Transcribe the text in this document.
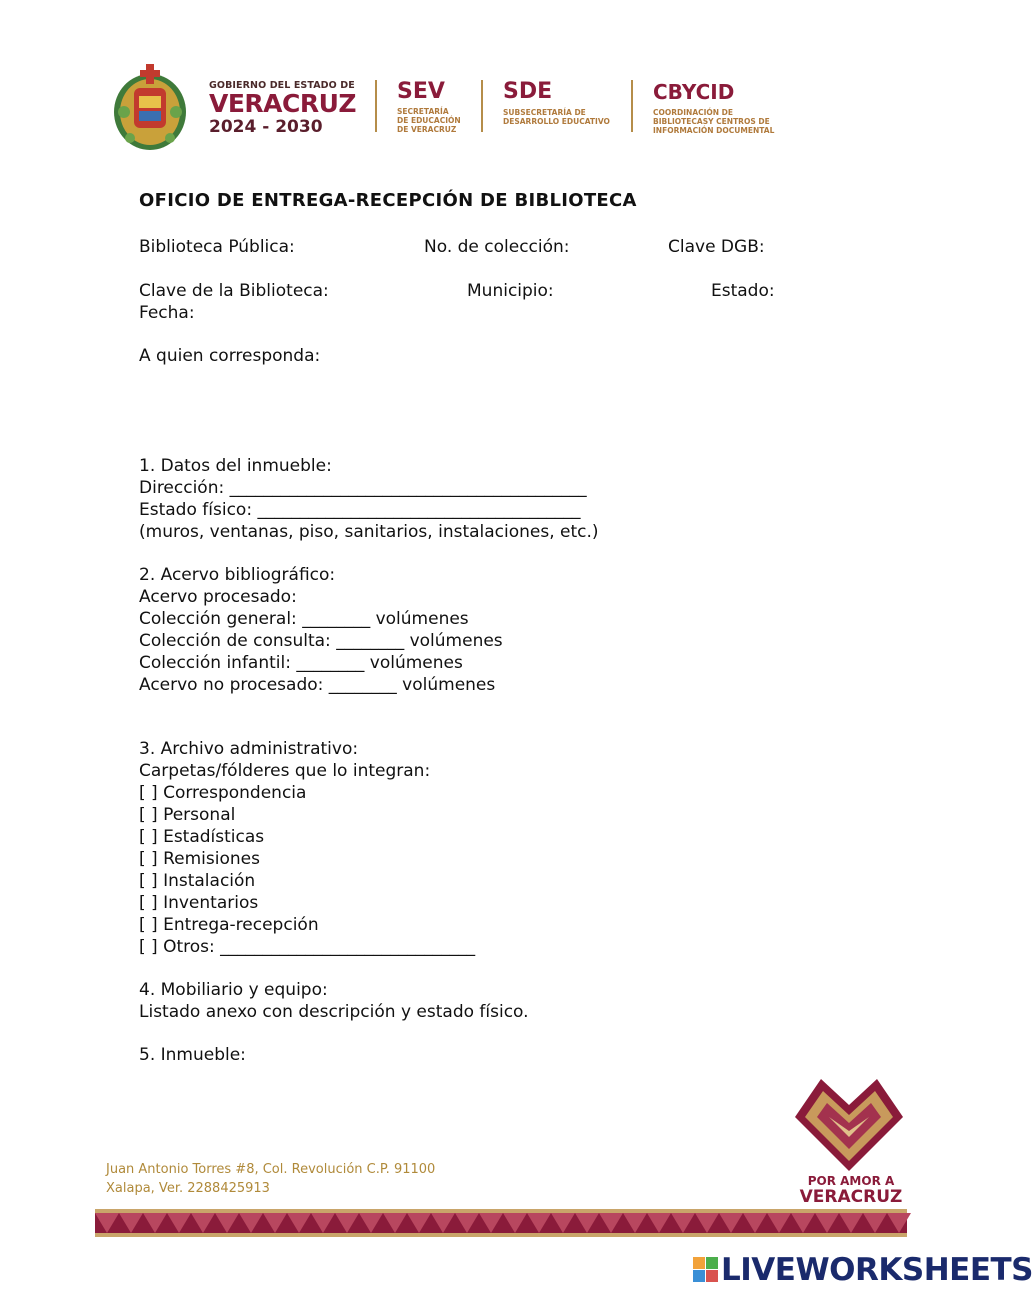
GOBIERNO DEL ESTADO DE
VERACRUZ
2024 - 2030
SEV
SECRETARÍA
DE EDUCACIÓN
DE VERACRUZ
SDE
SUBSECRETARÍA DE
DESARROLLO EDUCATIVO
CBYCID
COORDINACIÓN DE
BIBLIOTECASY CENTROS DE
INFORMACIÓN DOCUMENTAL
OFICIO DE ENTREGA-RECEPCIÓN DE BIBLIOTECA
Biblioteca Pública:	No. de colección:	Clave DGB:
Clave de la Biblioteca:	Municipio:	Estado:
Fecha:
A quien corresponda:
1. Datos del inmueble:
Dirección: __________________________________________
Estado físico: ______________________________________
(muros, ventanas, piso, sanitarios, instalaciones, etc.)
2. Acervo bibliográfico:
Acervo procesado:
Colección general: ________ volúmenes
Colección de consulta: ________ volúmenes
Colección infantil: ________ volúmenes
Acervo no procesado: ________ volúmenes
3. Archivo administrativo:
Carpetas/fólderes que lo integran:
[ ] Correspondencia
[ ] Personal
[ ] Estadísticas
[ ] Remisiones
[ ] Instalación
[ ] Inventarios
[ ] Entrega-recepción
[ ] Otros: ______________________________
4. Mobiliario y equipo:
Listado anexo con descripción y estado físico.
5. Inmueble:
Juan Antonio Torres #8, Col. Revolución C.P. 91100
Xalapa, Ver. 2288425913	POR AMOR A
VERACRUZ
LIVEWORKSHEETS
